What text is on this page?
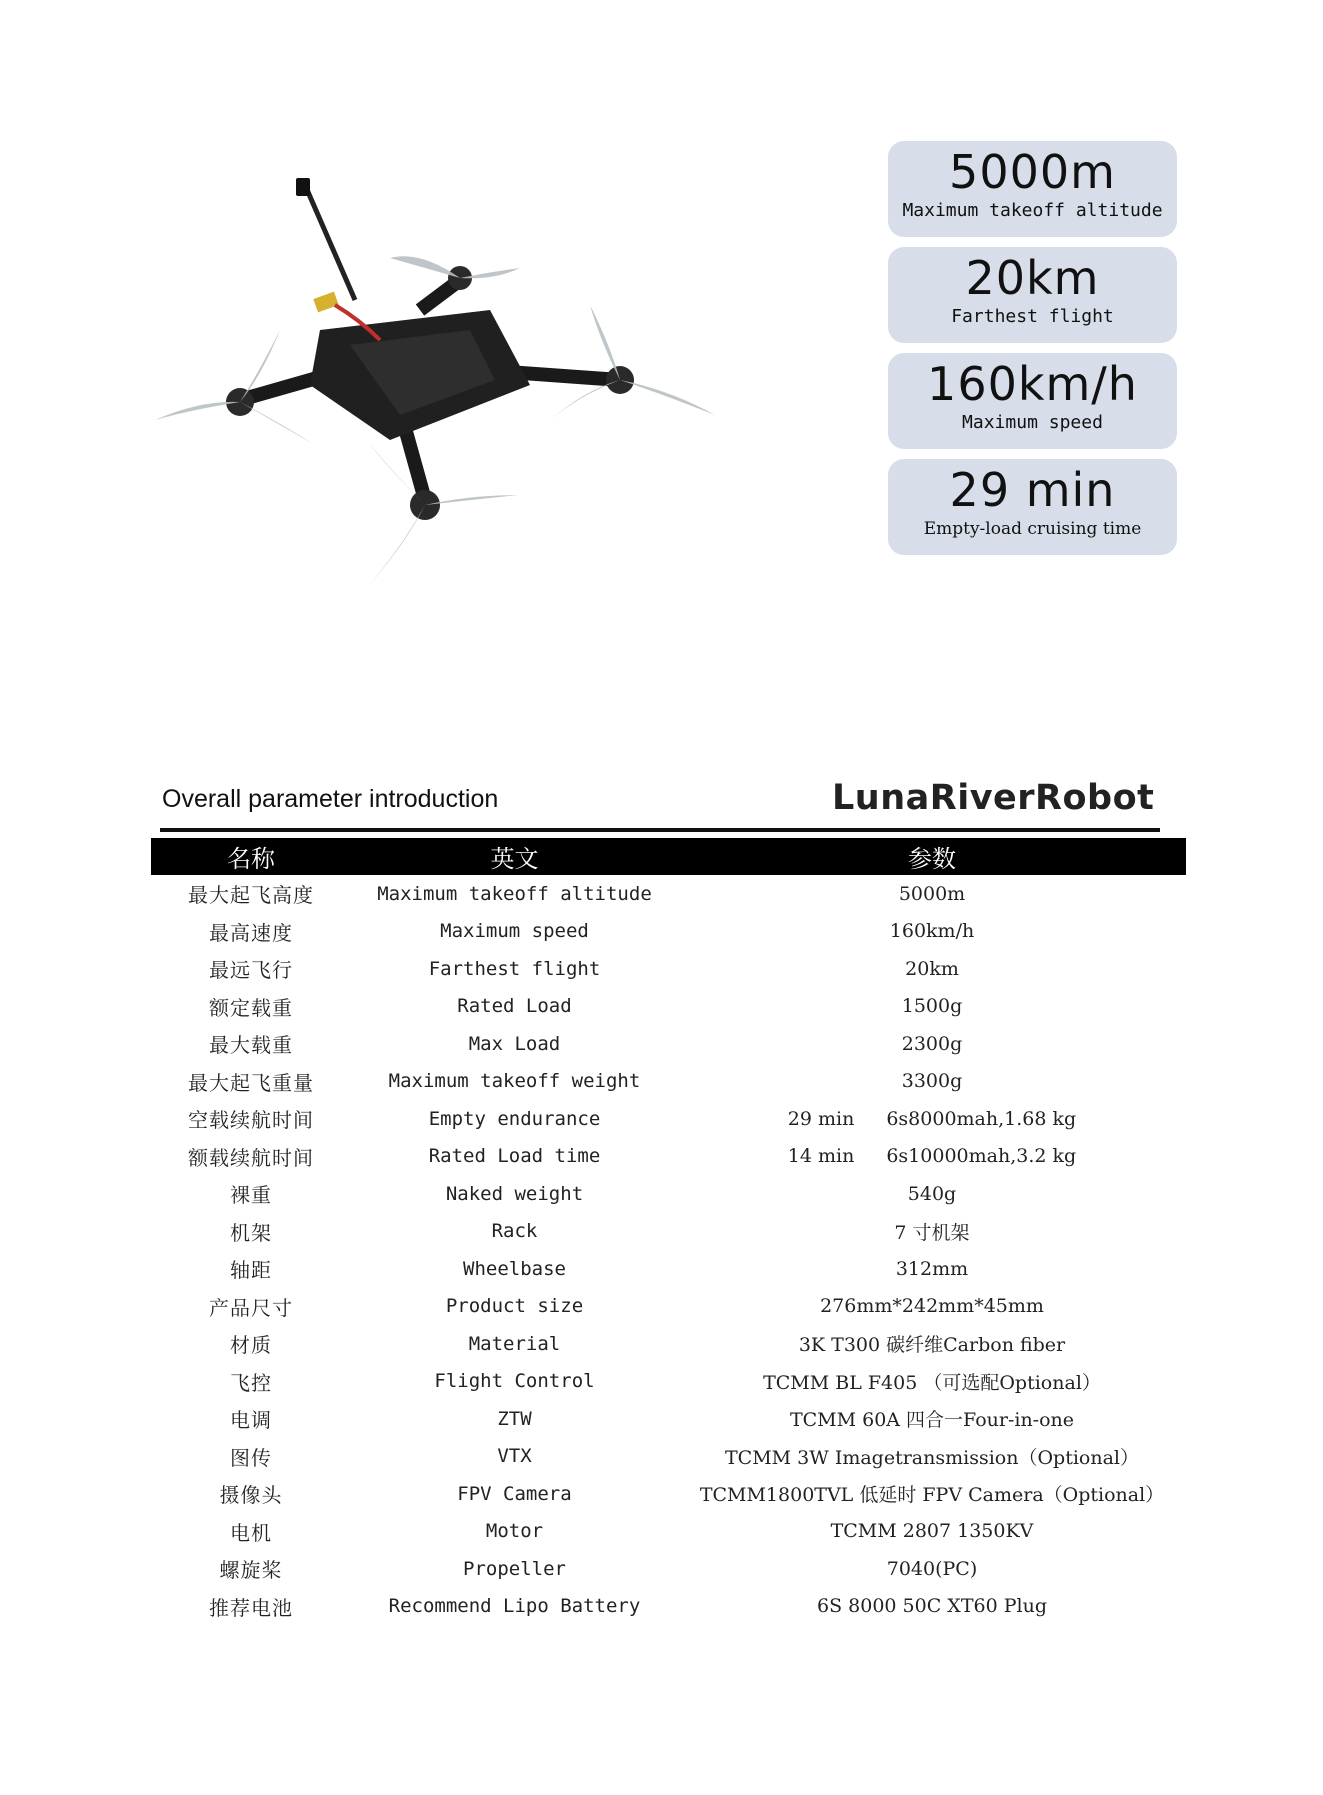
5000m
Maximum takeoff altitude
20km
Farthest flight
160km/h
Maximum speed
29 min
Empty-load cruising time
Overall parameter introduction	LunaRiverRobot
名称	英文	参数
最大起飞高度	Maximum takeoff altitude	5000m
最高速度	Maximum speed	160km/h
最远飞行	Farthest flight	20km
额定载重	Rated Load	1500g
最大载重	Max Load	2300g
最大起飞重量	Maximum takeoff weight	3300g
空载续航时间	Empty endurance	29 min 6s8000mah,1.68 kg
额载续航时间	Rated Load time	14 min 6s10000mah,3.2 kg
裸重	Naked weight	540g
机架	Rack	7 寸机架
轴距	Wheelbase	312mm
产品尺寸	Product size	276mm*242mm*45mm
材质	Material	3K T300 碳纤维Carbon fiber
飞控	Flight Control	TCMM BL F405 （可选配Optional）
电调	ZTW	TCMM 60A 四合一Four-in-one
图传	VTX	TCMM 3W Imagetransmission（Optional）
摄像头	FPV Camera	TCMM1800TVL 低延时 FPV Camera（Optional）
电机	Motor	TCMM 2807 1350KV
螺旋桨	Propeller	7040(PC)
推荐电池	Recommend Lipo Battery	6S 8000 50C XT60 Plug
